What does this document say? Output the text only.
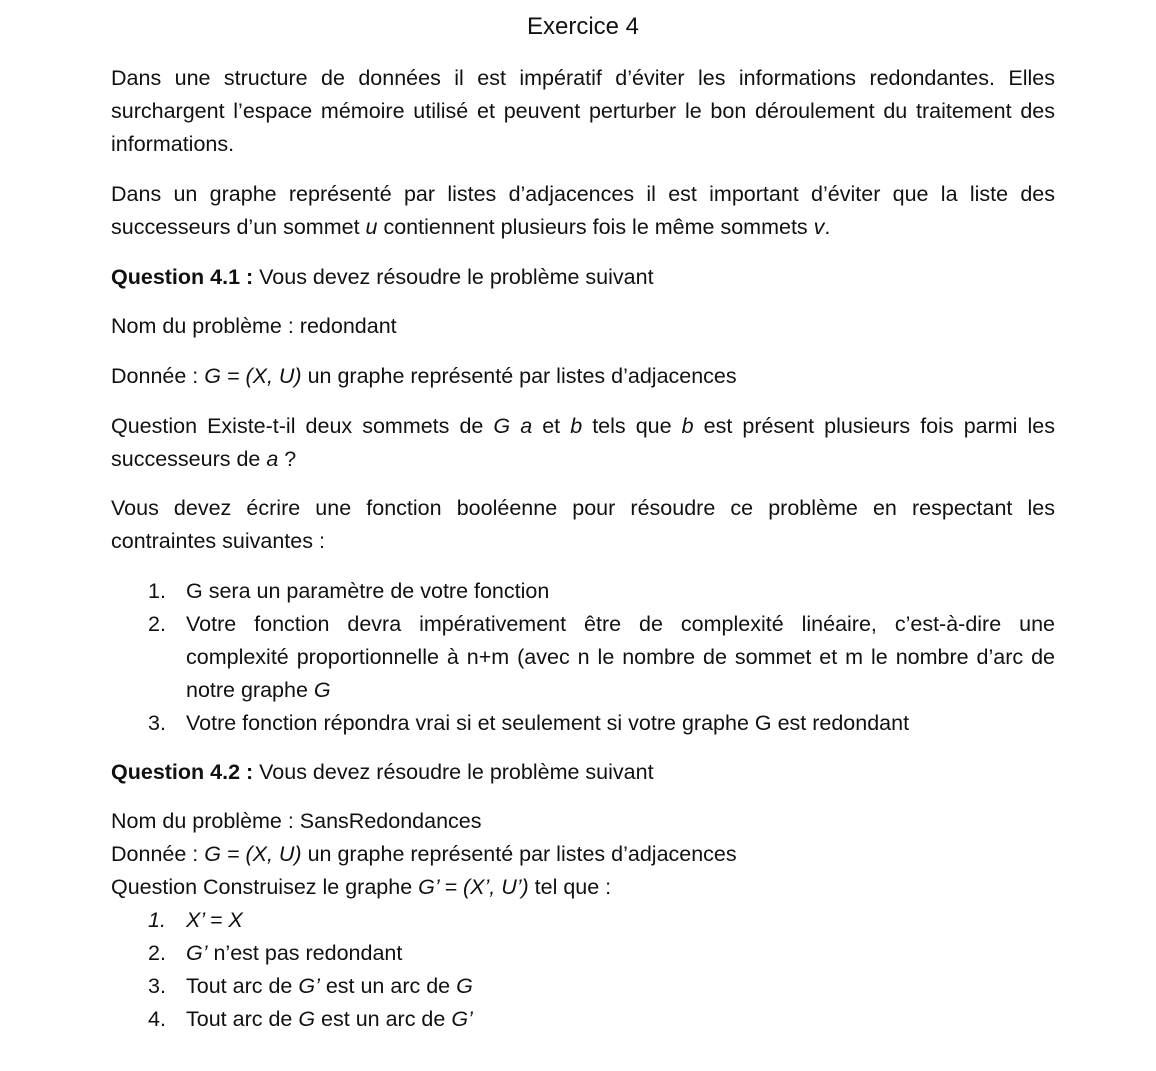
Exercice 4
Dans une structure de données il est impératif d’éviter les informations redondantes. Elles surchargent l’espace mémoire utilisé et peuvent perturber le bon déroulement du traitement des informations.
Dans un graphe représenté par listes d’adjacences il est important d’éviter que la liste des successeurs d’un sommet u contiennent plusieurs fois le même sommets v.
Question 4.1 : Vous devez résoudre le problème suivant
Nom du problème : redondant
Donnée : G = (X, U) un graphe représenté par listes d’adjacences
Question Existe-t-il deux sommets de G a et b tels que b est présent plusieurs fois parmi les successeurs de a ?
Vous devez écrire une fonction booléenne pour résoudre ce problème en respectant les contraintes suivantes :
1. G sera un paramètre de votre fonction
2. Votre fonction devra impérativement être de complexité linéaire, c’est-à-dire une complexité proportionnelle à n+m (avec n le nombre de sommet et m le nombre d’arc de notre graphe G
3. Votre fonction répondra vrai si et seulement si votre graphe G est redondant
Question 4.2 : Vous devez résoudre le problème suivant
Nom du problème : SansRedondances
Donnée : G = (X, U) un graphe représenté par listes d’adjacences
Question Construisez le graphe G’ = (X’, U’) tel que :
1. X’ = X
2. G’ n’est pas redondant
3. Tout arc de G’ est un arc de G
4. Tout arc de G est un arc de G’
